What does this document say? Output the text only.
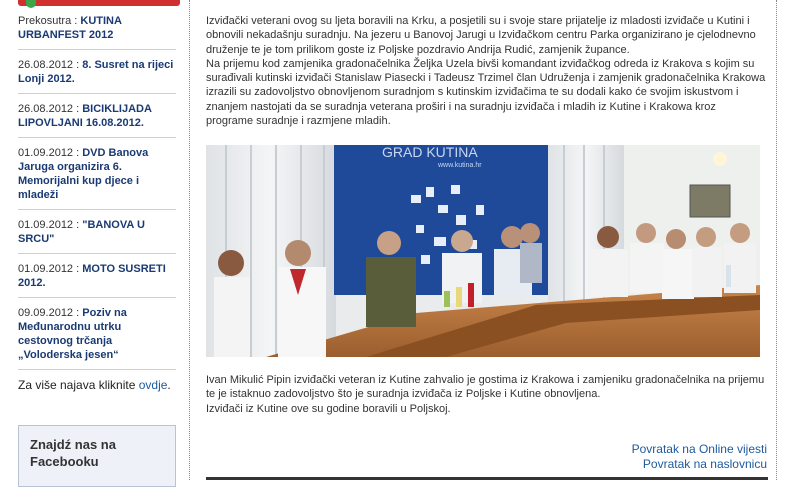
Prekosutra : KUTINA URBANFEST 2012
26.08.2012 : 8. Susret na rijeci Lonji 2012.
26.08.2012 : BICIKLIJADA LIPOVLJANI 16.08.2012.
01.09.2012 : DVD Banova Jaruga organizira 6. Memorijalni kup djece i mladeži
01.09.2012 : "BANOVA U SRCU"
01.09.2012 : MOTO SUSRETI 2012.
09.09.2012 : Poziv na Međunarodnu utrku cestovnog trčanja „Voloderska jesen“
Za više najava kliknite ovdje.
Znajdź nas na Facebooku
Izviđački veterani ovog su ljeta boravili na Krku, a posjetili su i svoje stare prijatelje iz mladosti izviđače u Kutini i obnovili nekadašnju suradnju. Na jezeru u Banovoj Jarugi u Izviđačkom centru Parka organizirano je cjelodnevno druženje te je tom prilikom goste iz Poljske pozdravio Andrija Rudić, zamjenik župance.
Na prijemu kod zamjenika gradonačelnika Željka Uzela bivši komandant izviđačkog odreda iz Krakova s kojim su surađivali kutinski izviđači Stanislaw Piasecki i Tadeusz Trzimel član Udruženja i zamjenik gradonačelnika Krakowa izrazili su zadovoljstvo obnovljenom suradnjom s kutinskim izviđačima te su dodali kako će svojim iskustvom i znanjem nastojati da se suradnja veterana proširi i na suradnju izviđača i mladih iz Kutine i Krakowa kroz programe suradnje i razmjene mladih.
GRAD KUTINA
www.kutina.hr
Ivan Mikulić Pipin izviđački veteran iz Kutine zahvalio je gostima iz Krakowa i zamjeniku gradonačelnika na prijemu te je istaknuo zadovoljstvo što je suradnja izviđača iz Poljske i Kutine obnovljena.
Izviđači iz Kutine ove su godine boravili u Poljskoj.
Povratak na Online vijesti
Povratak na naslovnicu
